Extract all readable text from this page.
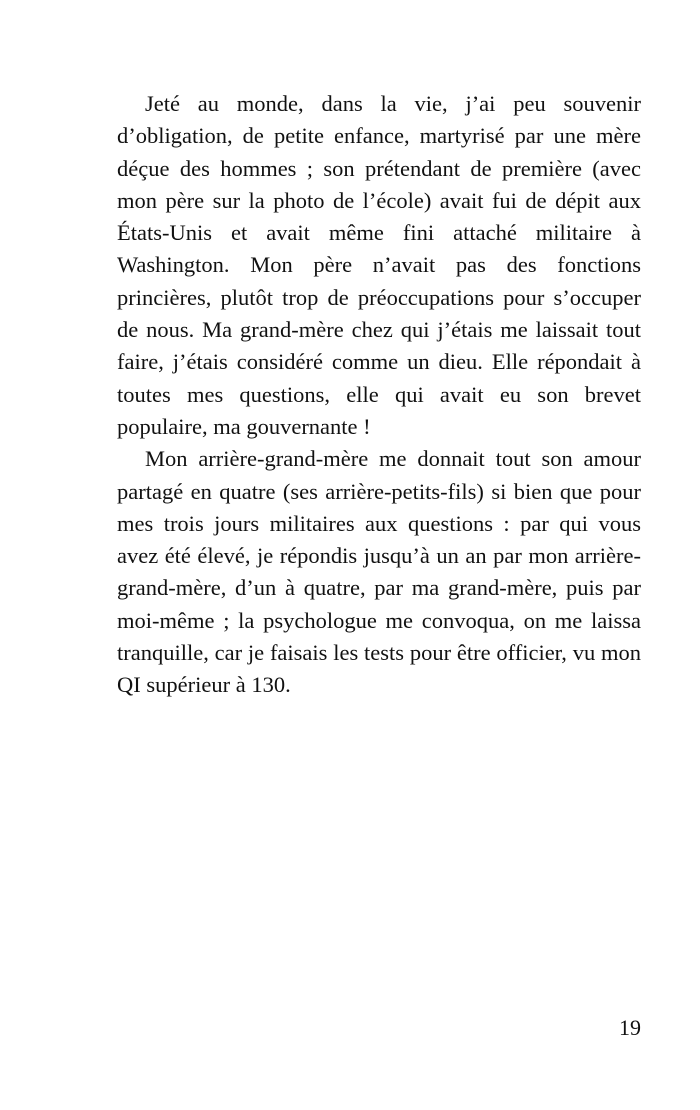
Jeté au monde, dans la vie, j’ai peu souvenir d’obligation, de petite enfance, martyrisé par une mère déçue des hommes ; son prétendant de première (avec mon père sur la photo de l’école) avait fui de dépit aux États-Unis et avait même fini attaché militaire à Washington. Mon père n’avait pas des fonctions princières, plutôt trop de préoccupations pour s’occuper de nous. Ma grand-mère chez qui j’étais me laissait tout faire, j’étais considéré comme un dieu. Elle répondait à toutes mes questions, elle qui avait eu son brevet populaire, ma gouvernante !

Mon arrière-grand-mère me donnait tout son amour partagé en quatre (ses arrière-petits-fils) si bien que pour mes trois jours militaires aux questions : par qui vous avez été élevé, je répondis jusqu’à un an par mon arrière-grand-mère, d’un à quatre, par ma grand-mère, puis par moi-même ; la psychologue me convoqua, on me laissa tranquille, car je faisais les tests pour être officier, vu mon QI supérieur à 130.

19
